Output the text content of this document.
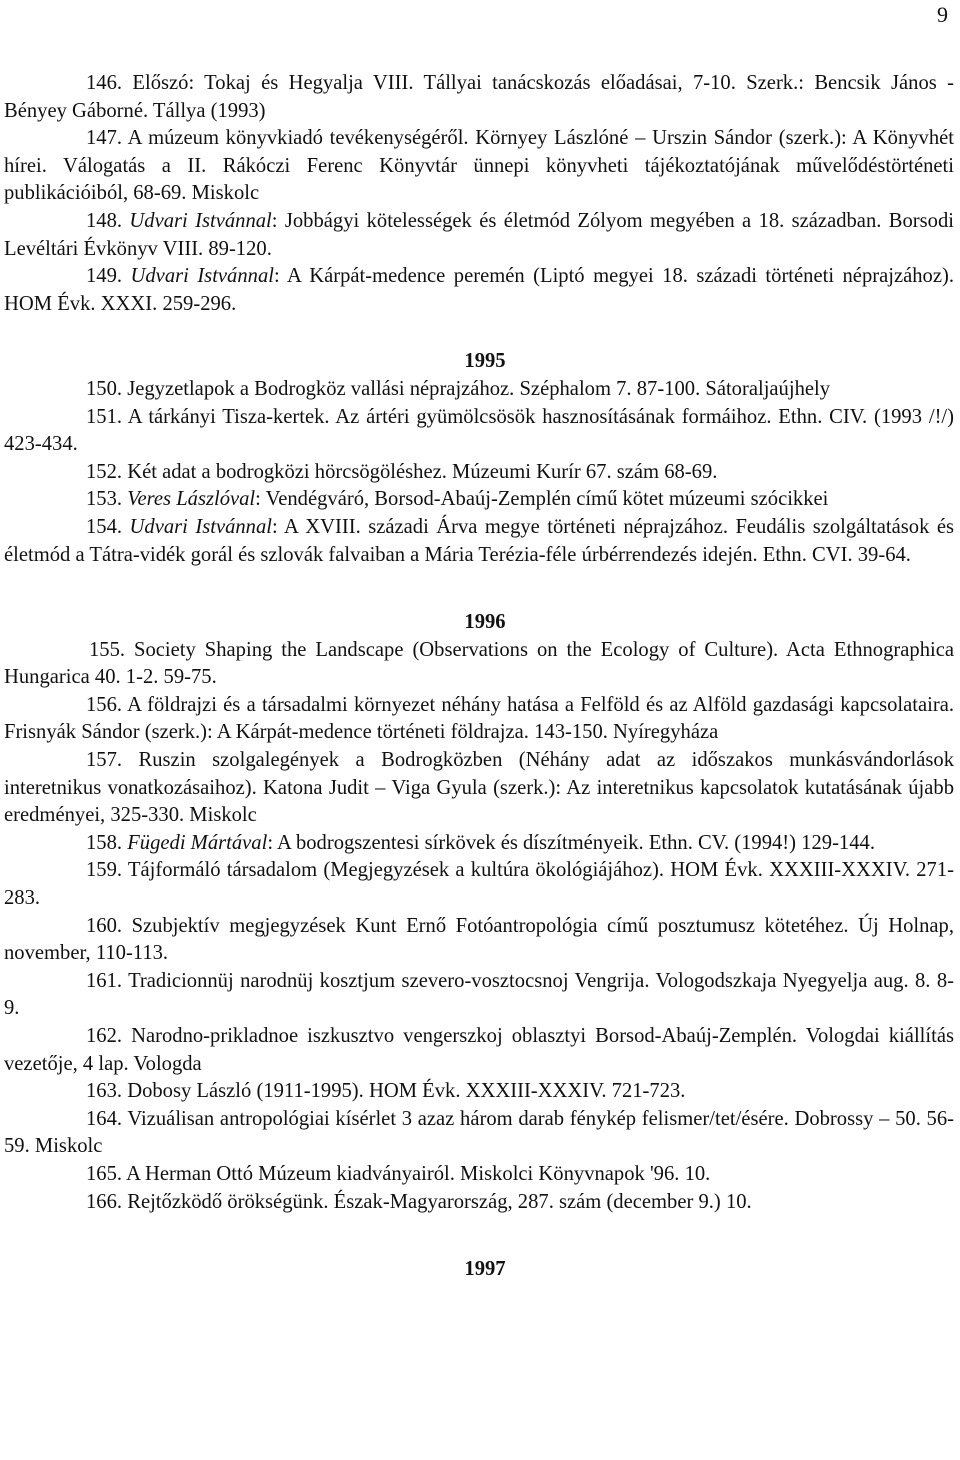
9

146. Előszó: Tokaj és Hegyalja VIII. Tállyai tanácskozás előadásai, 7-10. Szerk.: Bencsik János - Bényey Gáborné. Tállya (1993)

147. A múzeum könyvkiadó tevékenységéről. Környey Lászlóné – Urszin Sándor (szerk.): A Könyvhét hírei. Válogatás a II. Rákóczi Ferenc Könyvtár ünnepi könyvheti tájékoztatójának művelődéstörténeti publikációiból, 68-69. Miskolc

148. Udvari Istvánnal: Jobbágyi kötelességek és életmód Zólyom megyében a 18. században. Borsodi Levéltári Évkönyv VIII. 89-120.

149. Udvari Istvánnal: A Kárpát-medence peremén (Liptó megyei 18. századi történeti néprajzához). HOM Évk. XXXI. 259-296.

1995

150. Jegyzetlapok a Bodrogköz vallási néprajzához. Széphalom 7. 87-100. Sátoraljaújhely

151. A tárkányi Tisza-kertek. Az ártéri gyümölcsösök hasznosításának formáihoz. Ethn. CIV. (1993 /!/) 423-434.

152. Két adat a bodrogközi hörcsögöléshez. Múzeumi Kurír 67. szám 68-69.

153. Veres Lászlóval: Vendégváró, Borsod-Abaúj-Zemplén című kötet múzeumi szócikkei

154. Udvari Istvánnal: A XVIII. századi Árva megye történeti néprajzához. Feudális szolgáltatások és életmód a Tátra-vidék gorál és szlovák falvaiban a Mária Terézia-féle úrbérrendezés idején. Ethn. CVI. 39-64.

1996

155. Society Shaping the Landscape (Observations on the Ecology of Culture). Acta Ethnographica Hungarica 40. 1-2. 59-75.

156. A földrajzi és a társadalmi környezet néhány hatása a Felföld és az Alföld gazdasági kapcsolataira. Frisnyák Sándor (szerk.): A Kárpát-medence történeti földrajza. 143-150. Nyíregyháza

157. Ruszin szolgalegények a Bodrogközben (Néhány adat az időszakos munkásvándorlások interetnikus vonatkozásaihoz). Katona Judit – Viga Gyula (szerk.): Az interetnikus kapcsolatok kutatásának újabb eredményei, 325-330. Miskolc

158. Fügedi Mártával: A bodrogszentesi sírkövek és díszítményeik. Ethn. CV. (1994!) 129-144.

159. Tájformáló társadalom (Megjegyzések a kultúra ökológiájához). HOM Évk. XXXIII-XXXIV. 271-283.

160. Szubjektív megjegyzések Kunt Ernő Fotóantropológia című posztumusz kötetéhez. Új Holnap, november, 110-113.

161. Tradicionnüj narodnüj kosztjum szevero-vosztocsnoj Vengrija. Vologodszkaja Nyegyelja aug. 8. 8-9.

162. Narodno-prikladnoe iszkusztvo vengerszkoj oblasztyi Borsod-Abaúj-Zemplén. Vologdai kiállítás vezetője, 4 lap. Vologda

163. Dobosy László (1911-1995). HOM Évk. XXXIII-XXXIV. 721-723.

164. Vizuálisan antropológiai kísérlet 3 azaz három darab fénykép felismer/tet/ésére. Dobrossy – 50. 56-59. Miskolc

165. A Herman Ottó Múzeum kiadványairól. Miskolci Könyvnapok '96. 10.

166. Rejtőzködő örökségünk. Észak-Magyarország, 287. szám (december 9.) 10.

1997
